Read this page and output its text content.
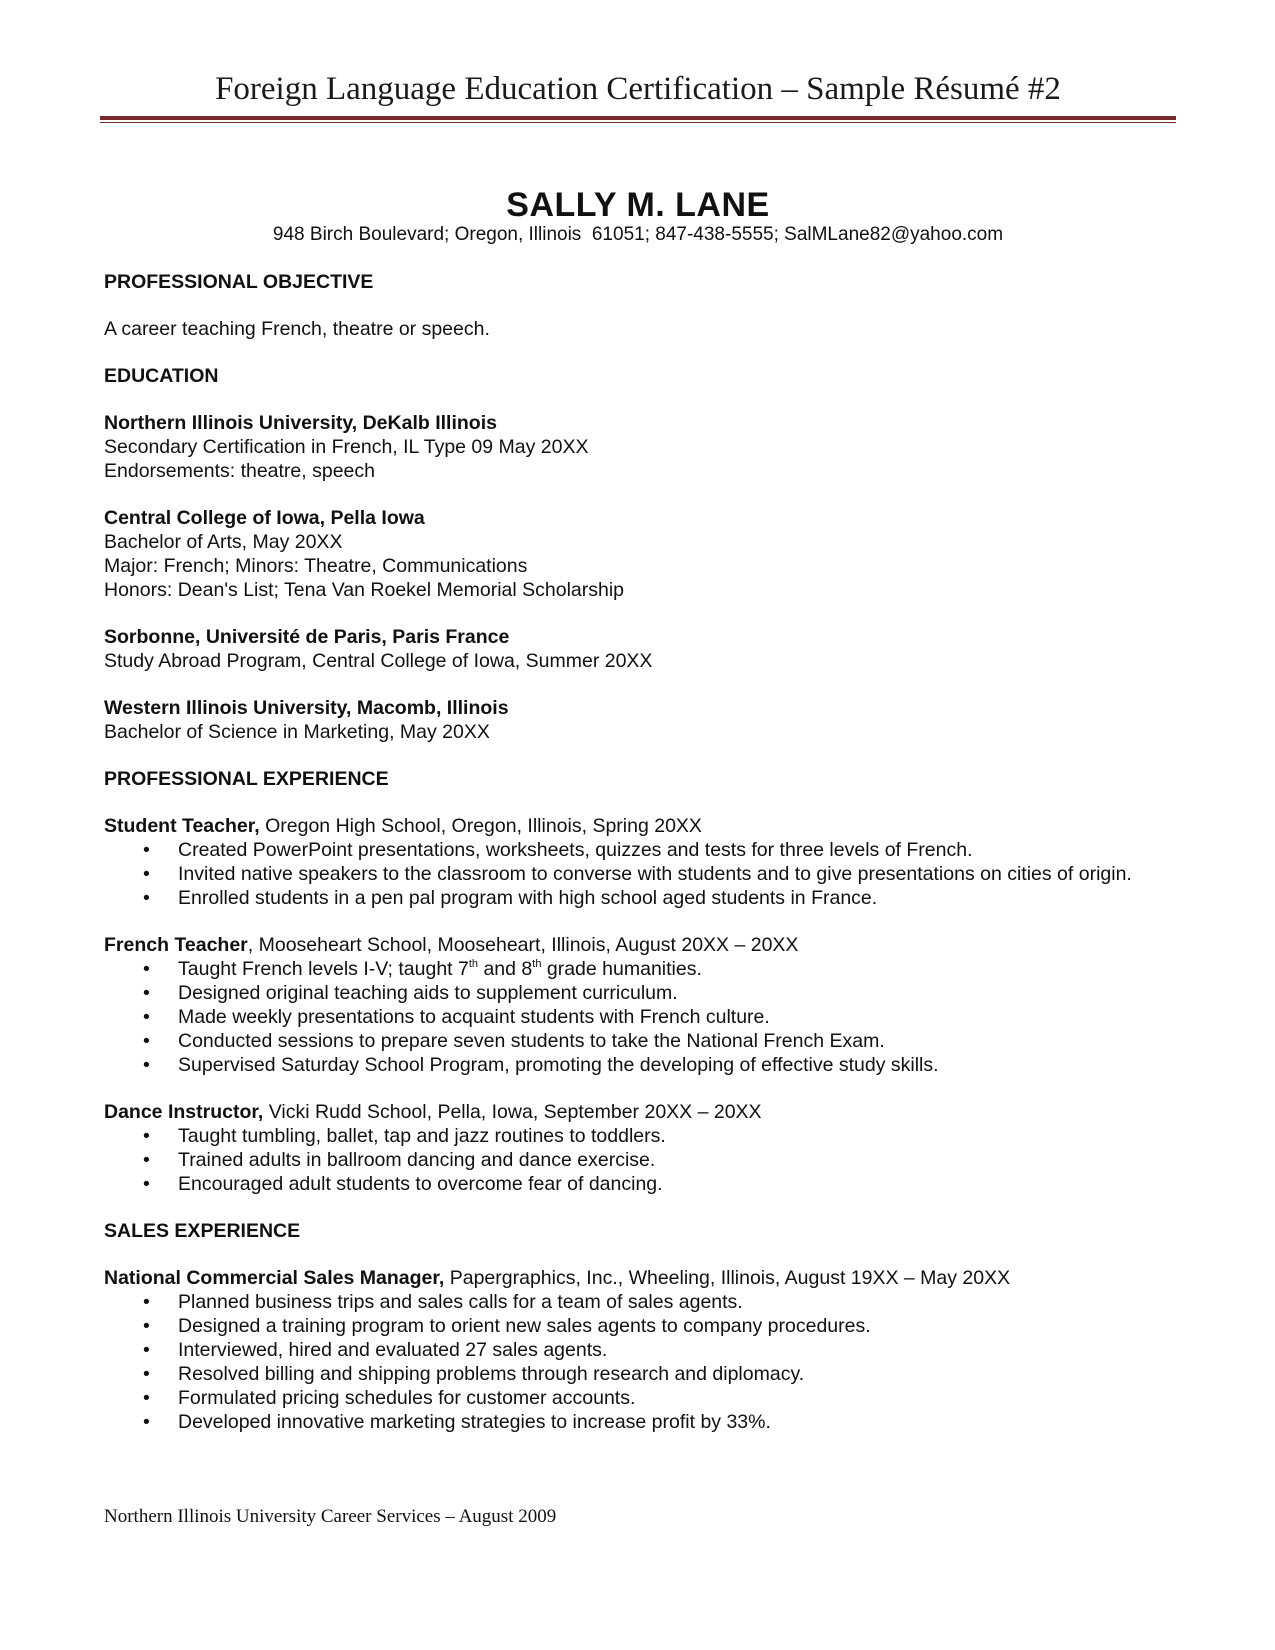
Foreign Language Education Certification – Sample Résumé #2
SALLY M. LANE
948 Birch Boulevard; Oregon, Illinois  61051; 847-438-5555; SalMLane82@yahoo.com

PROFESSIONAL OBJECTIVE

A career teaching French, theatre or speech.

EDUCATION

Northern Illinois University, DeKalb Illinois

Secondary Certification in French, IL Type 09 May 20XX

Endorsements: theatre, speech

Central College of Iowa, Pella Iowa

Bachelor of Arts, May 20XX

Major: French; Minors: Theatre, Communications

Honors: Dean's List; Tena Van Roekel Memorial Scholarship

Sorbonne, Université de Paris, Paris France

Study Abroad Program, Central College of Iowa, Summer 20XX

Western Illinois University, Macomb, Illinois

Bachelor of Science in Marketing, May 20XX

PROFESSIONAL EXPERIENCE

Student Teacher, Oregon High School, Oregon, Illinois, Spring 20XX

• Created PowerPoint presentations, worksheets, quizzes and tests for three levels of French.
• Invited native speakers to the classroom to converse with students and to give presentations on cities of origin.
• Enrolled students in a pen pal program with high school aged students in France.

French Teacher, Mooseheart School, Mooseheart, Illinois, August 20XX – 20XX

• Taught French levels I-V; taught 7th and 8th grade humanities.
• Designed original teaching aids to supplement curriculum.
• Made weekly presentations to acquaint students with French culture.
• Conducted sessions to prepare seven students to take the National French Exam.
• Supervised Saturday School Program, promoting the developing of effective study skills.

Dance Instructor, Vicki Rudd School, Pella, Iowa, September 20XX – 20XX

• Taught tumbling, ballet, tap and jazz routines to toddlers.
• Trained adults in ballroom dancing and dance exercise.
• Encouraged adult students to overcome fear of dancing.

SALES EXPERIENCE

National Commercial Sales Manager, Papergraphics, Inc., Wheeling, Illinois, August 19XX – May 20XX

• Planned business trips and sales calls for a team of sales agents.
• Designed a training program to orient new sales agents to company procedures.
• Interviewed, hired and evaluated 27 sales agents.
• Resolved billing and shipping problems through research and diplomacy.
• Formulated pricing schedules for customer accounts.
• Developed innovative marketing strategies to increase profit by 33%.
Northern Illinois University Career Services – August 2009
